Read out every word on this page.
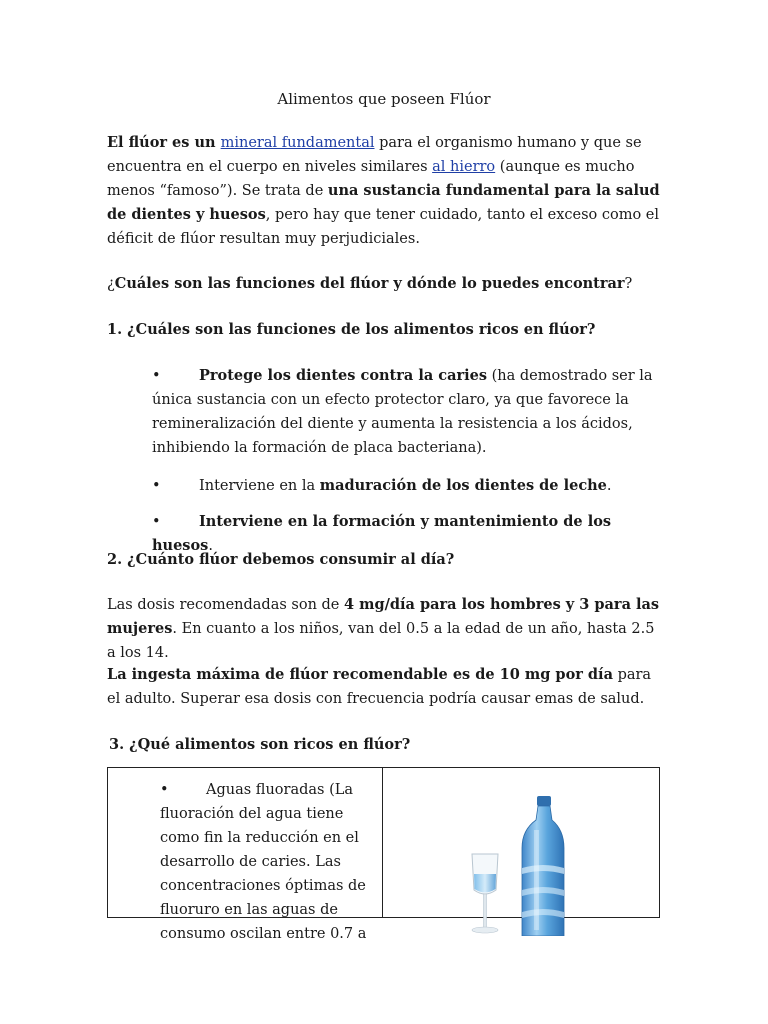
Alimentos que poseen Flúor
El flúor es un mineral fundamental para el organismo humano y que se encuentra en el cuerpo en niveles similares al hierro (aunque es mucho menos “famoso”). Se trata de una sustancia fundamental para la salud de dientes y huesos, pero hay que tener cuidado, tanto el exceso como el déficit de flúor resultan muy perjudiciales.
¿Cuáles son las funciones del flúor y dónde lo puedes encontrar?
1. ¿Cuáles son las funciones de los alimentos ricos en flúor?
•	Protege los dientes contra la caries (ha demostrado ser la única sustancia con un efecto protector claro, ya que favorece la remineralización del diente y aumenta la resistencia a los ácidos, inhibiendo la formación de placa bacteriana).
•	Interviene en la maduración de los dientes de leche.
•	Interviene en la formación y mantenimiento de los huesos.
2. ¿Cuánto flúor debemos consumir al día?
Las dosis recomendadas son de 4 mg/día para los hombres y 3 para las mujeres. En cuanto a los niños, van del 0.5 a la edad de un año, hasta 2.5 a los 14.
La ingesta máxima de flúor recomendable es de 10 mg por día para el adulto. Superar esa dosis con frecuencia podría causar emas de salud.
3. ¿Qué alimentos son ricos en flúor?
•	Aguas fluoradas (La fluoración del agua tiene como fin la reducción en el desarrollo de caries. Las concentraciones óptimas de fluoruro en las aguas de consumo oscilan entre 0.7 a
